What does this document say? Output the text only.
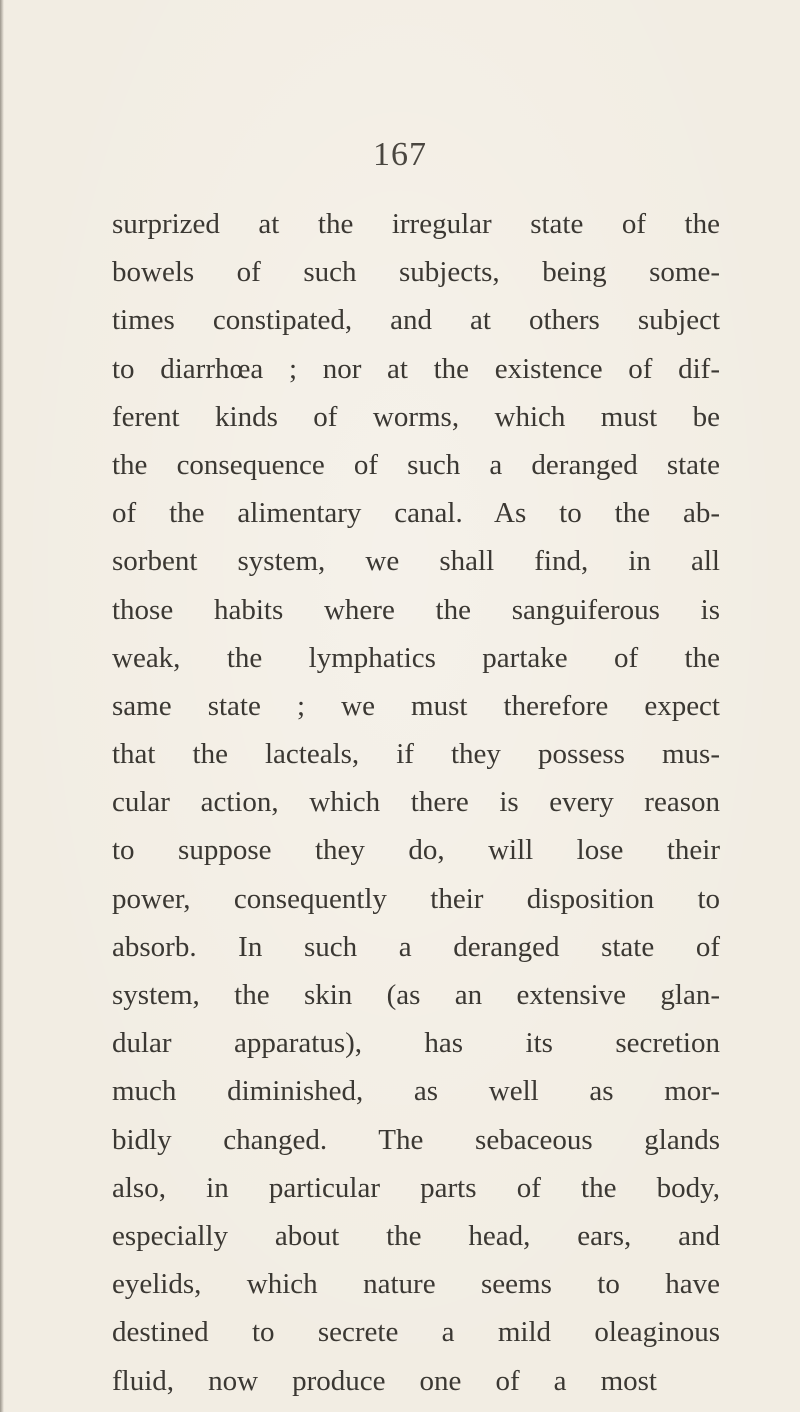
167
surprized at the irregular state of the
bowels of such subjects, being some-
times constipated, and at others subject
to diarrhœa ; nor at the existence of dif-
ferent kinds of worms, which must be
the consequence of such a deranged state
of the alimentary canal. As to the ab-
sorbent system, we shall find, in all
those habits where the sanguiferous is
weak, the lymphatics partake of the
same state ; we must therefore expect
that the lacteals, if they possess mus-
cular action, which there is every reason
to suppose they do, will lose their
power, consequently their disposition to
absorb. In such a deranged state of
system, the skin (as an extensive glan-
dular apparatus), has its secretion
much diminished, as well as mor-
bidly changed. The sebaceous glands
also, in particular parts of the body,
especially about the head, ears, and
eyelids, which nature seems to have
destined to secrete a mild oleaginous
fluid, now produce one of a most
